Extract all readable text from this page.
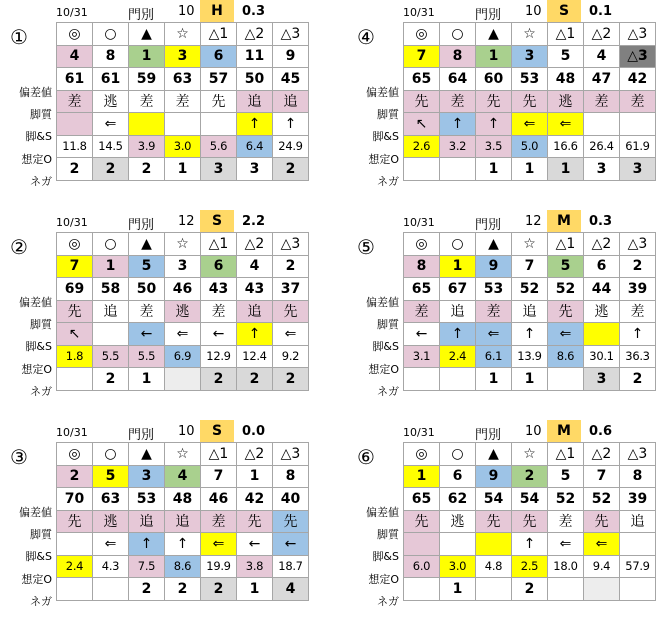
10/31	門別 10	H	0.3
①
偏差値
脚質
脚&S
想定O
ネガ
◎	○	▲	☆	△1	△2	△3
4	8	1	3	6	11	9
61	61	59	63	57	50	45
差	逃	差	差	先	追	追
	⇐				↑	↑
11.8	14.5	3.9	3.0	5.6	6.4	24.9
2	2	2	1	3	3	2
10/31	門別 10	S	0.1
④
偏差値
脚質
脚&S
想定O
ネガ
◎	○	▲	☆	△1	△2	△3
7	8	1	3	5	4	△3
65	64	60	53	48	47	42
先	差	先	先	逃	差	差
↖	↑	↑	⇐	⇐		
2.6	3.2	3.5	5.0	16.6	26.4	61.9
		1	1	1	3	3
10/31	門別 12	S	2.2
②
偏差値
脚質
脚&S
想定O
ネガ
◎	○	▲	☆	△1	△2	△3
7	1	5	3	6	4	2
69	58	50	46	43	43	37
先	追	差	逃	差	追	先
↖		←	⇐	←	↑	⇐
1.8	5.5	5.5	6.9	12.9	12.4	9.2
	2	1		2	2	2
10/31	門別 12	M	0.3
⑤
偏差値
脚質
脚&S
想定O
ネガ
◎	○	▲	☆	△1	△2	△3
8	1	9	7	5	6	2
65	67	53	52	52	44	39
差	追	差	追	先	逃	差
←	↑	⇐	↑	⇐		↑
3.1	2.4	6.1	13.9	8.6	30.1	36.3
		1	1		3	2
10/31	門別 10	S	0.0
③
偏差値
脚質
脚&S
想定O
ネガ
◎	○	▲	☆	△1	△2	△3
2	5	3	4	7	1	8
70	63	53	48	46	42	40
先	逃	追	追	差	先	先
	⇐	↑	↑	⇐	←	←
2.4	4.3	7.5	8.6	19.9	3.8	18.7
		2	2	2	1	4
10/31	門別 10	M	0.6
⑥
偏差値
脚質
脚&S
想定O
ネガ
◎	○	▲	☆	△1	△2	△3
1	6	9	2	5	7	8
65	62	54	54	52	52	39
先	逃	先	先	差	先	追
			↑	⇐	⇐	
6.0	3.0	4.8	2.5	18.0	9.4	57.9
	1		2			
